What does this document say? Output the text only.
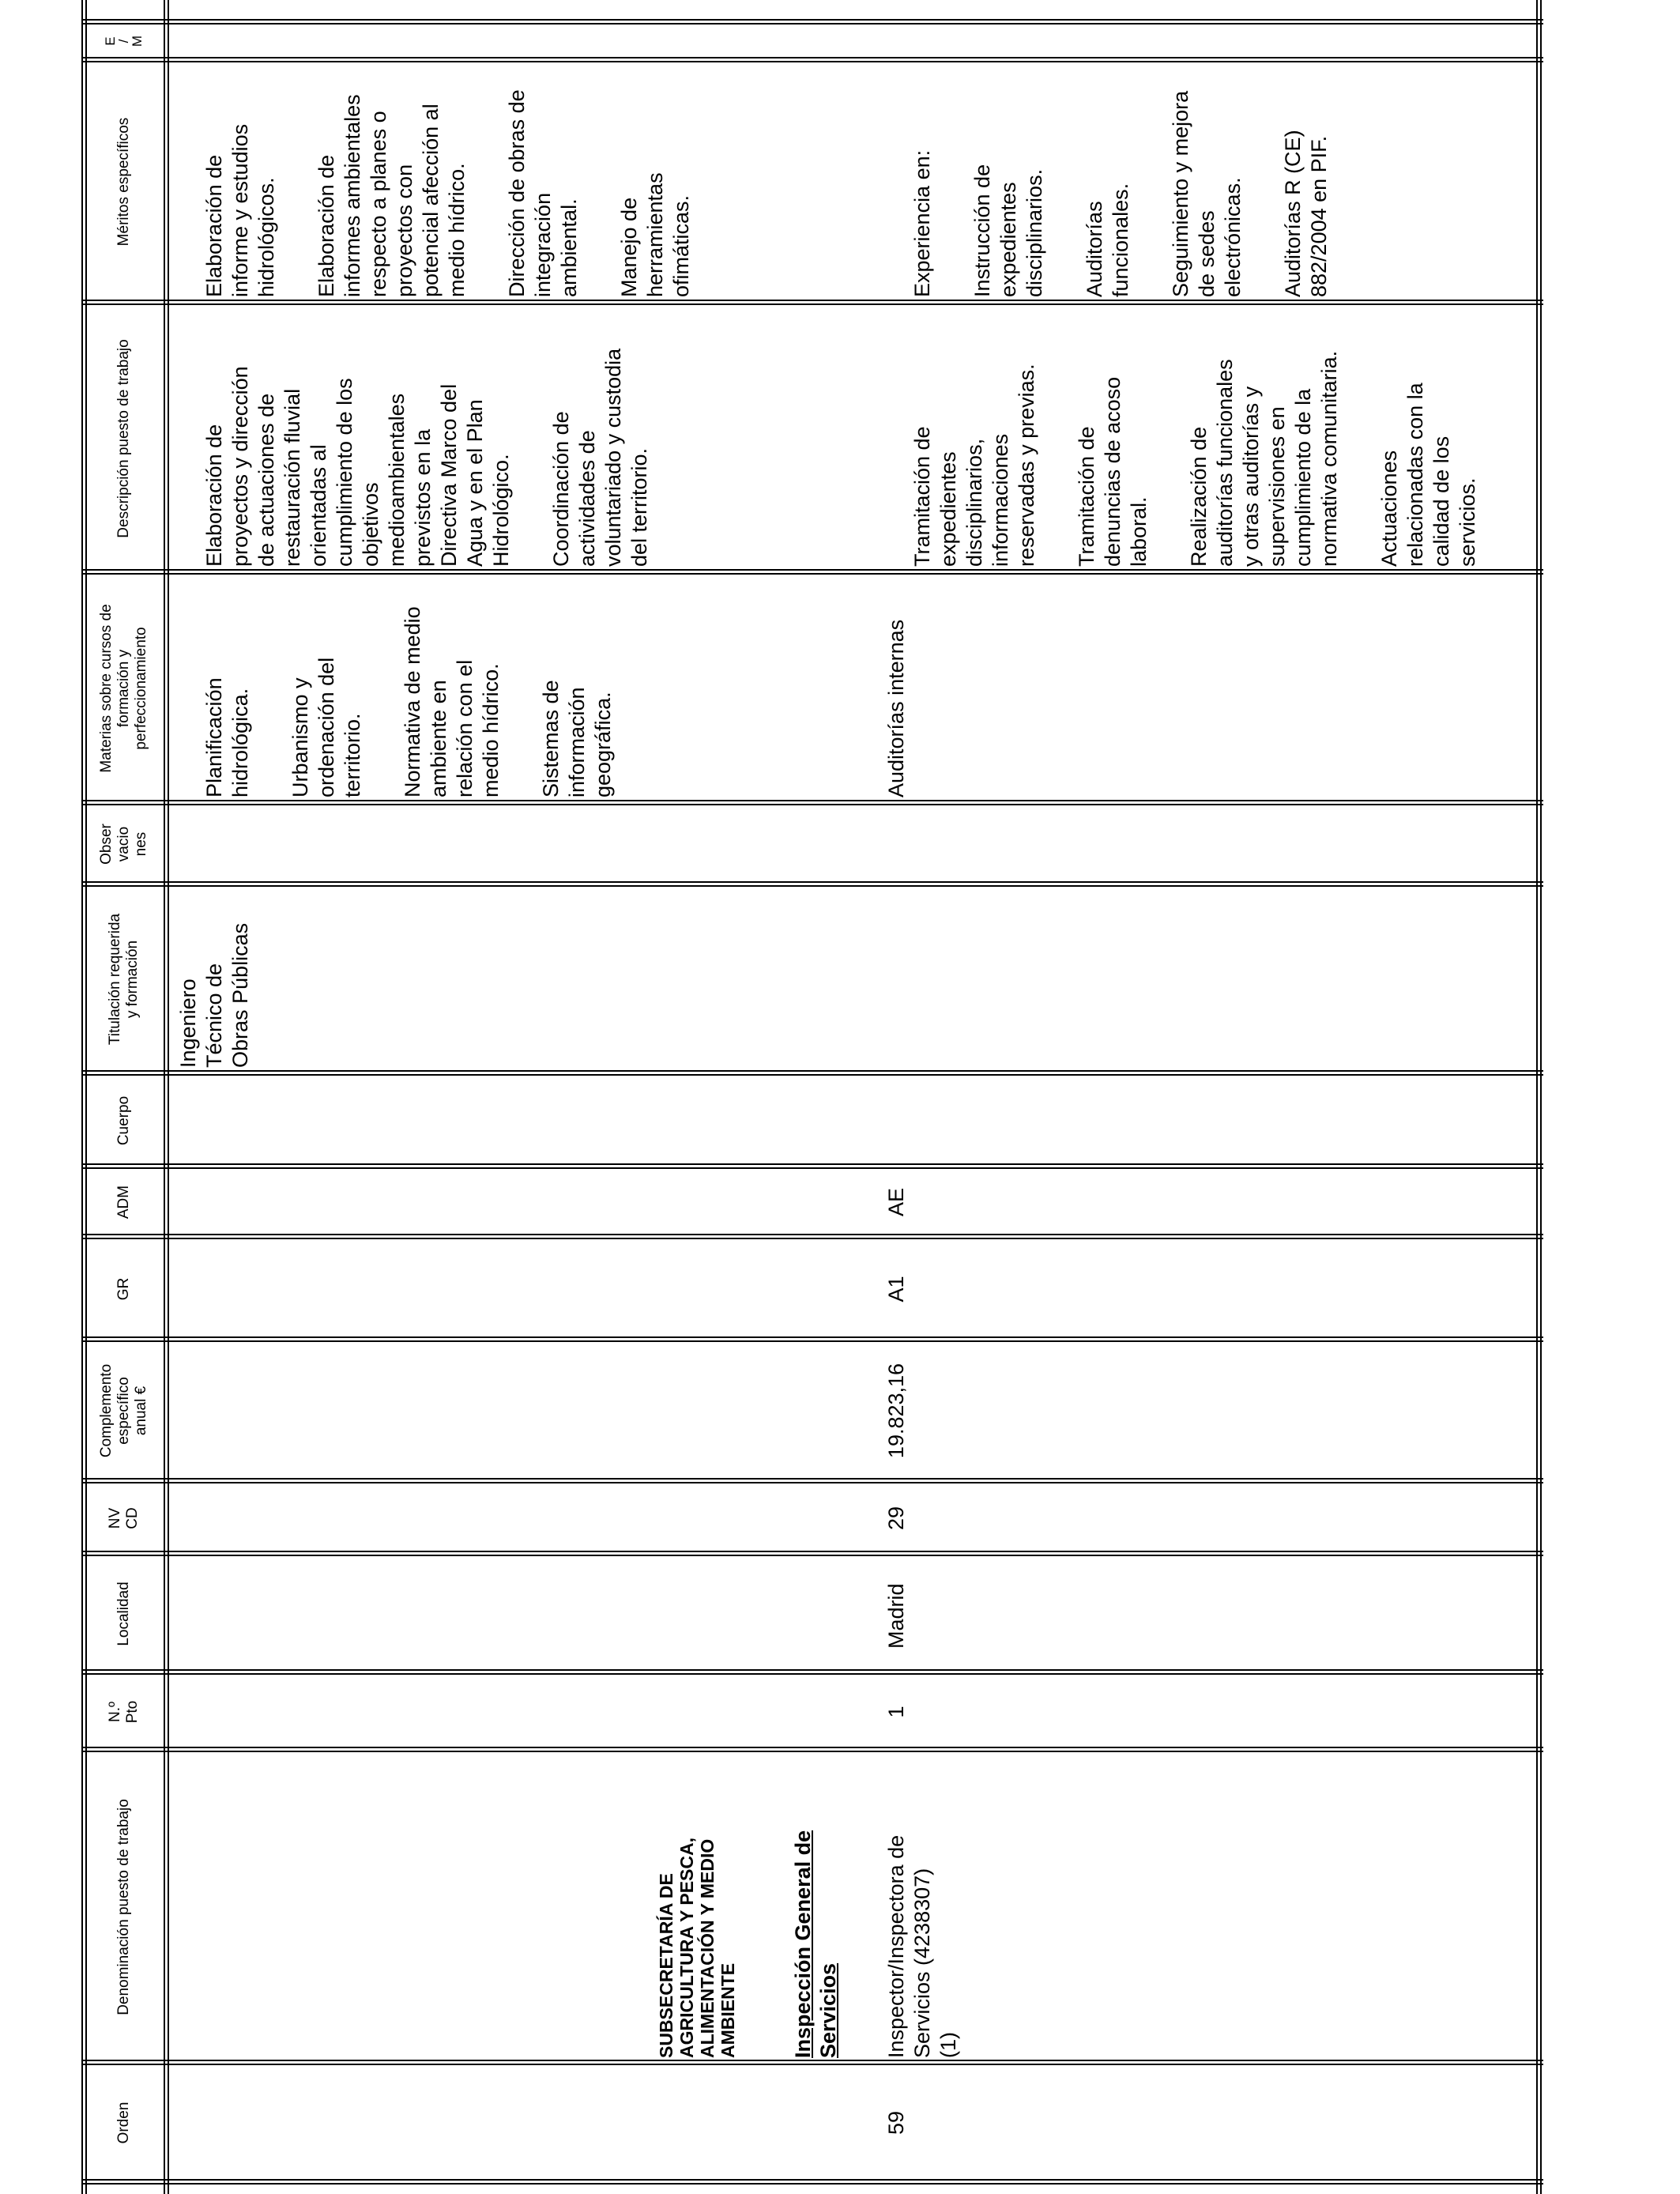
Orden
Denominación puesto de trabajo
N.º
Pto
Localidad
NV
CD
Complemento
específico
anual €
GR
ADM
Cuerpo
Titulación requerida
y formación
Obser
vacio
nes
Materias sobre cursos de
formación y
perfeccionamiento
Descripción puesto de trabajo
Méritos específicos
E
/
M
Ingeniero
Técnico de
Obras Públicas

Planificación
hidrológica. Urbanismo y
ordenación del
territorio. Normativa de medio
ambiente en
relación con el
medio hídrico.

Sistemas de
información
geográfica.

Elaboración de
proyectos y dirección
de actuaciones de
restauración fluvial
orientadas al
cumplimiento de los
objetivos
medioambientales
previstos en la
Directiva Marco del
Agua y en el Plan
Hidrológico. Coordinación de
actividades de
voluntariado y custodia
del territorio.

Elaboración de
informe y estudios
hidrológicos. Elaboración de
informes ambientales
respecto a planes o
proyectos con
potencial afección al
medio hídrico.

Dirección de obras de
integración
ambiental. Manejo de
herramientas
ofimáticas.

SUBSECRETARÍA DE
AGRICULTURA Y PESCA,
ALIMENTACIÓN Y MEDIO
AMBIENTE Inspección General de
Servicios
59
Inspector/Inspectora de
Servicios (4238307)
(1)
1
Madrid
29
19.823,16
A1
AE
Auditorías internas

Tramitación de
expedientes
disciplinarios,
informaciones
reservadas y previas.

Tramitación de
denuncias de acoso
laboral. Realización de
auditorías funcionales
y otras auditorías y
supervisiones en
cumplimiento de la
normativa comunitaria.

Actuaciones
relacionadas con la
calidad de los
servicios.

Experiencia en: Instrucción de
expedientes
disciplinarios. Auditorías
funcionales. Seguimiento y mejora
de sedes
electrónicas. Auditorías R (CE)
882/2004 en PIF.
